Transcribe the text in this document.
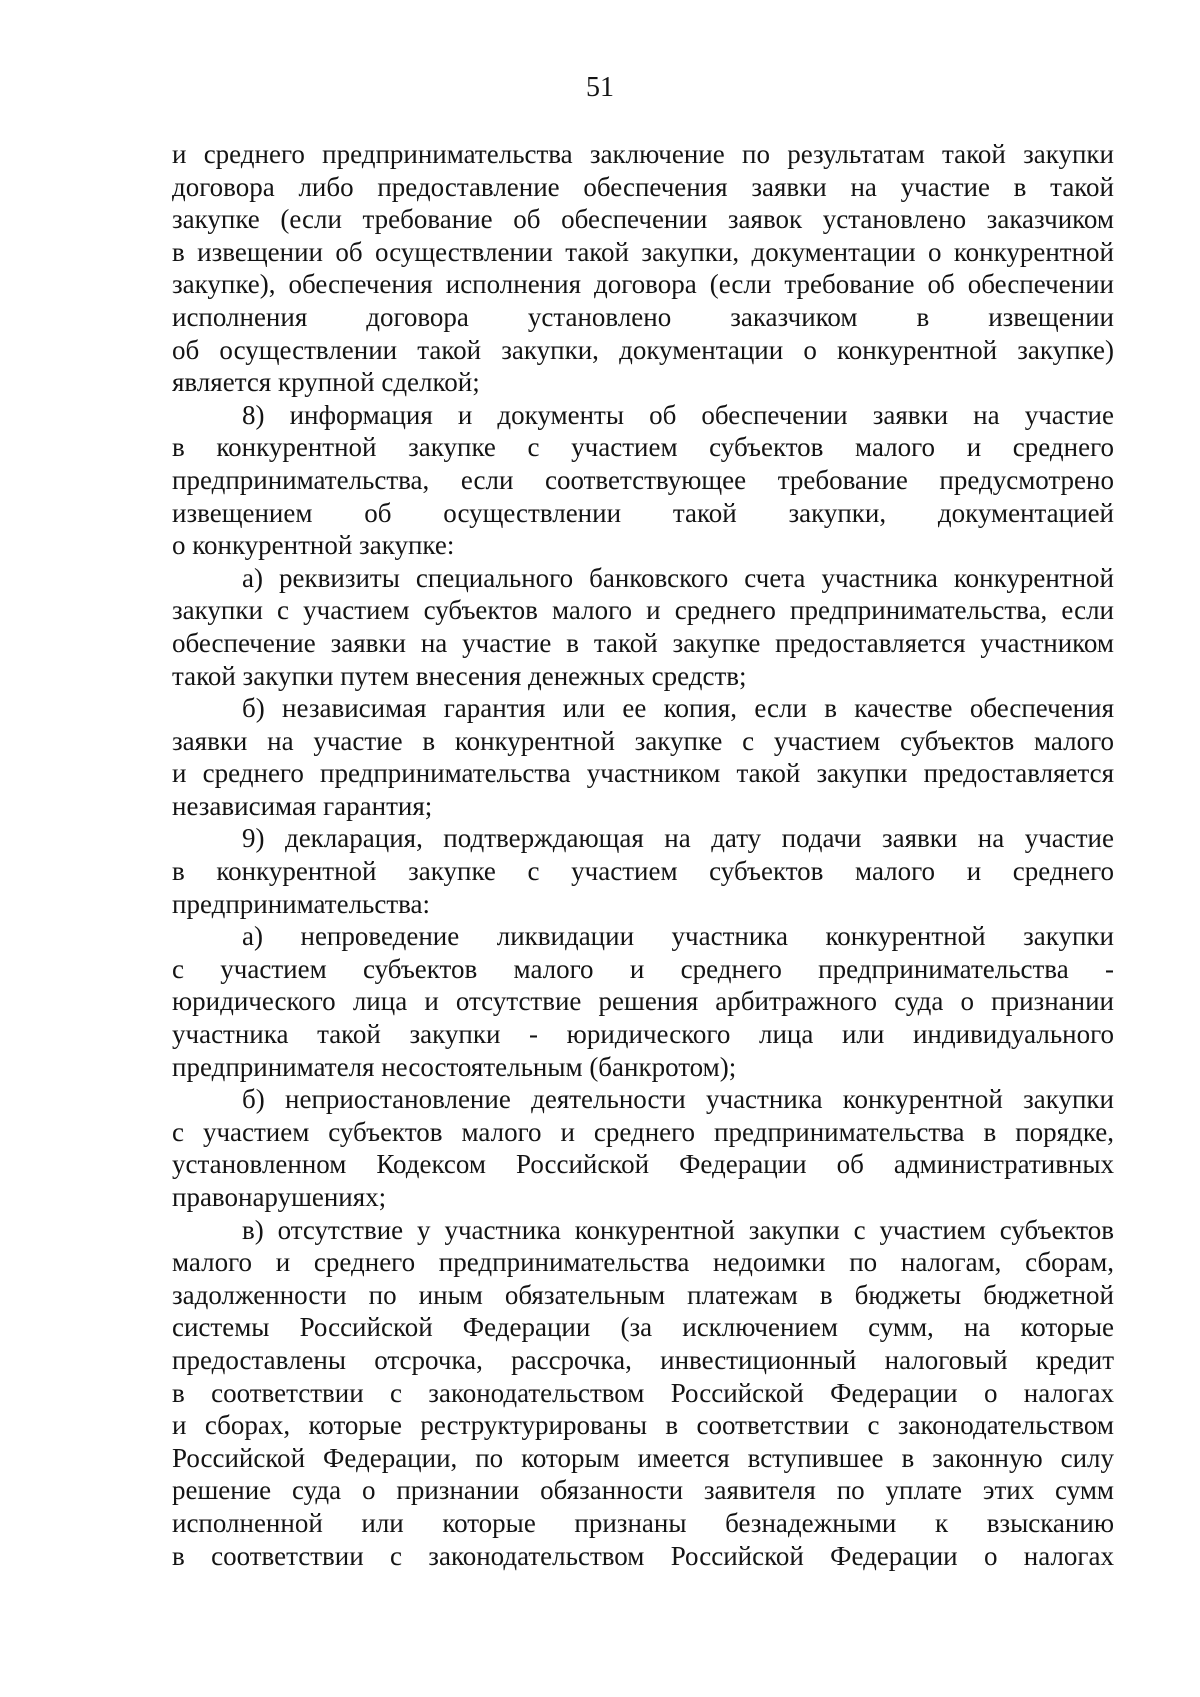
51
и среднего предпринимательства заключение по результатам такой закупки
договора либо предоставление обеспечения заявки на участие в такой
закупке (если требование об обеспечении заявок установлено заказчиком
в извещении об осуществлении такой закупки, документации о конкурентной
закупке), обеспечения исполнения договора (если требование об обеспечении
исполнения договора установлено заказчиком в извещении
об осуществлении такой закупки, документации о конкурентной закупке)
является крупной сделкой;
8) информация и документы об обеспечении заявки на участие
в конкурентной закупке с участием субъектов малого и среднего
предпринимательства, если соответствующее требование предусмотрено
извещением об осуществлении такой закупки, документацией
о конкурентной закупке:
а) реквизиты специального банковского счета участника конкурентной
закупки с участием субъектов малого и среднего предпринимательства, если
обеспечение заявки на участие в такой закупке предоставляется участником
такой закупки путем внесения денежных средств;
б) независимая гарантия или ее копия, если в качестве обеспечения
заявки на участие в конкурентной закупке с участием субъектов малого
и среднего предпринимательства участником такой закупки предоставляется
независимая гарантия;
9) декларация, подтверждающая на дату подачи заявки на участие
в конкурентной закупке с участием субъектов малого и среднего
предпринимательства:
а) непроведение ликвидации участника конкурентной закупки
с участием субъектов малого и среднего предпринимательства -
юридического лица и отсутствие решения арбитражного суда о признании
участника такой закупки - юридического лица или индивидуального
предпринимателя несостоятельным (банкротом);
б) неприостановление деятельности участника конкурентной закупки
с участием субъектов малого и среднего предпринимательства в порядке,
установленном Кодексом Российской Федерации об административных
правонарушениях;
в) отсутствие у участника конкурентной закупки с участием субъектов
малого и среднего предпринимательства недоимки по налогам, сборам,
задолженности по иным обязательным платежам в бюджеты бюджетной
системы Российской Федерации (за исключением сумм, на которые
предоставлены отсрочка, рассрочка, инвестиционный налоговый кредит
в соответствии с законодательством Российской Федерации о налогах
и сборах, которые реструктурированы в соответствии с законодательством
Российской Федерации, по которым имеется вступившее в законную силу
решение суда о признании обязанности заявителя по уплате этих сумм
исполненной или которые признаны безнадежными к взысканию
в соответствии с законодательством Российской Федерации о налогах
